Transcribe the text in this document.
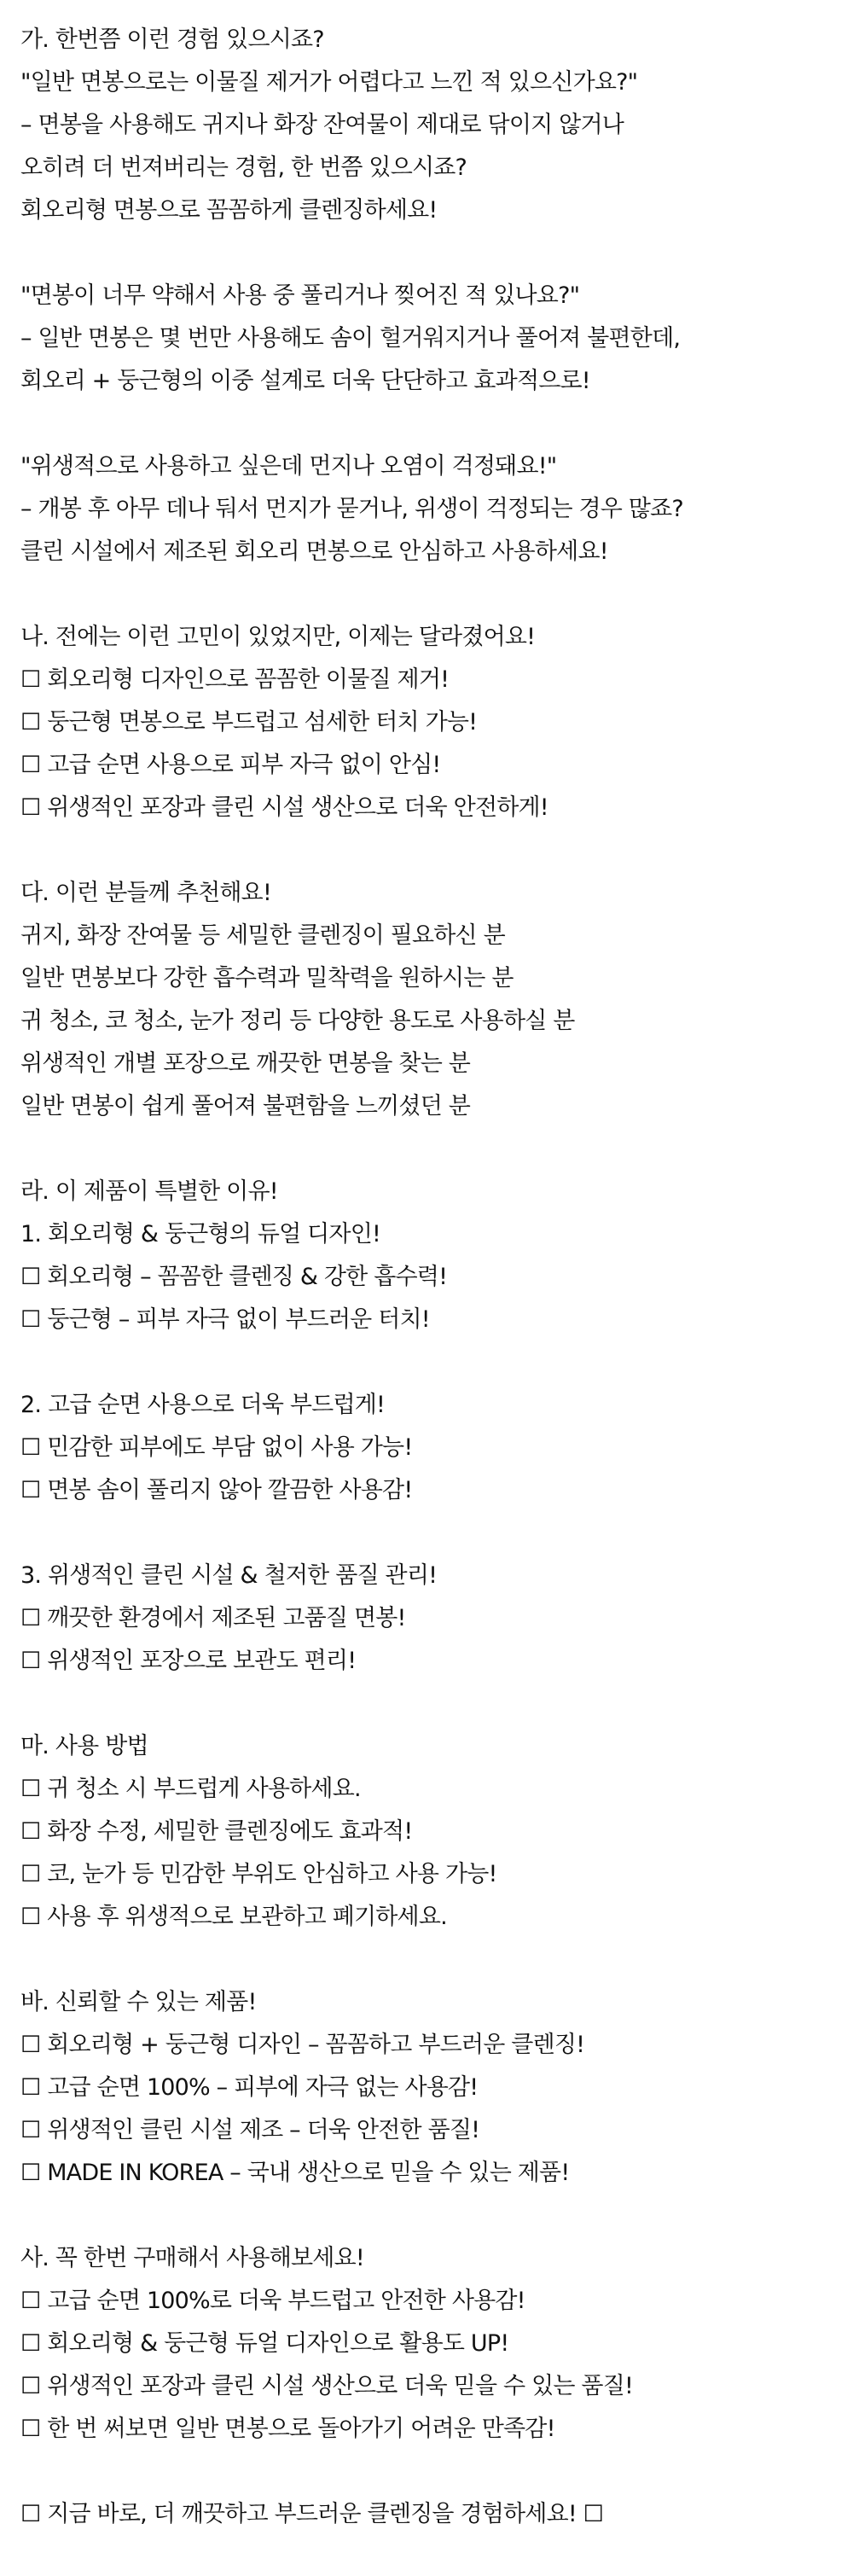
가. 한번쯤 이런 경험 있으시죠?
"일반 면봉으로는 이물질 제거가 어렵다고 느낀 적 있으신가요?"
– 면봉을 사용해도 귀지나 화장 잔여물이 제대로 닦이지 않거나
오히려 더 번져버리는 경험, 한 번쯤 있으시죠?
회오리형 면봉으로 꼼꼼하게 클렌징하세요!
"면봉이 너무 약해서 사용 중 풀리거나 찢어진 적 있나요?"
– 일반 면봉은 몇 번만 사용해도 솜이 헐거워지거나 풀어져 불편한데,
회오리 + 둥근형의 이중 설계로 더욱 단단하고 효과적으로!
"위생적으로 사용하고 싶은데 먼지나 오염이 걱정돼요!"
– 개봉 후 아무 데나 둬서 먼지가 묻거나, 위생이 걱정되는 경우 많죠?
클린 시설에서 제조된 회오리 면봉으로 안심하고 사용하세요!
나. 전에는 이런 고민이 있었지만, 이제는 달라졌어요!
☐ 회오리형 디자인으로 꼼꼼한 이물질 제거!
☐ 둥근형 면봉으로 부드럽고 섬세한 터치 가능!
☐ 고급 순면 사용으로 피부 자극 없이 안심!
☐ 위생적인 포장과 클린 시설 생산으로 더욱 안전하게!
다. 이런 분들께 추천해요!
귀지, 화장 잔여물 등 세밀한 클렌징이 필요하신 분
일반 면봉보다 강한 흡수력과 밀착력을 원하시는 분
귀 청소, 코 청소, 눈가 정리 등 다양한 용도로 사용하실 분
위생적인 개별 포장으로 깨끗한 면봉을 찾는 분
일반 면봉이 쉽게 풀어져 불편함을 느끼셨던 분
라. 이 제품이 특별한 이유!
1. 회오리형 & 둥근형의 듀얼 디자인!
☐ 회오리형 – 꼼꼼한 클렌징 & 강한 흡수력!
☐ 둥근형 – 피부 자극 없이 부드러운 터치!
2. 고급 순면 사용으로 더욱 부드럽게!
☐ 민감한 피부에도 부담 없이 사용 가능!
☐ 면봉 솜이 풀리지 않아 깔끔한 사용감!
3. 위생적인 클린 시설 & 철저한 품질 관리!
☐ 깨끗한 환경에서 제조된 고품질 면봉!
☐ 위생적인 포장으로 보관도 편리!
마. 사용 방법
☐ 귀 청소 시 부드럽게 사용하세요.
☐ 화장 수정, 세밀한 클렌징에도 효과적!
☐ 코, 눈가 등 민감한 부위도 안심하고 사용 가능!
☐ 사용 후 위생적으로 보관하고 폐기하세요.
바. 신뢰할 수 있는 제품!
☐ 회오리형 + 둥근형 디자인 – 꼼꼼하고 부드러운 클렌징!
☐ 고급 순면 100% – 피부에 자극 없는 사용감!
☐ 위생적인 클린 시설 제조 – 더욱 안전한 품질!
☐ MADE IN KOREA – 국내 생산으로 믿을 수 있는 제품!
사. 꼭 한번 구매해서 사용해보세요!
☐ 고급 순면 100%로 더욱 부드럽고 안전한 사용감!
☐ 회오리형 & 둥근형 듀얼 디자인으로 활용도 UP!
☐ 위생적인 포장과 클린 시설 생산으로 더욱 믿을 수 있는 품질!
☐ 한 번 써보면 일반 면봉으로 돌아가기 어려운 만족감!
☐ 지금 바로, 더 깨끗하고 부드러운 클렌징을 경험하세요! ☐
